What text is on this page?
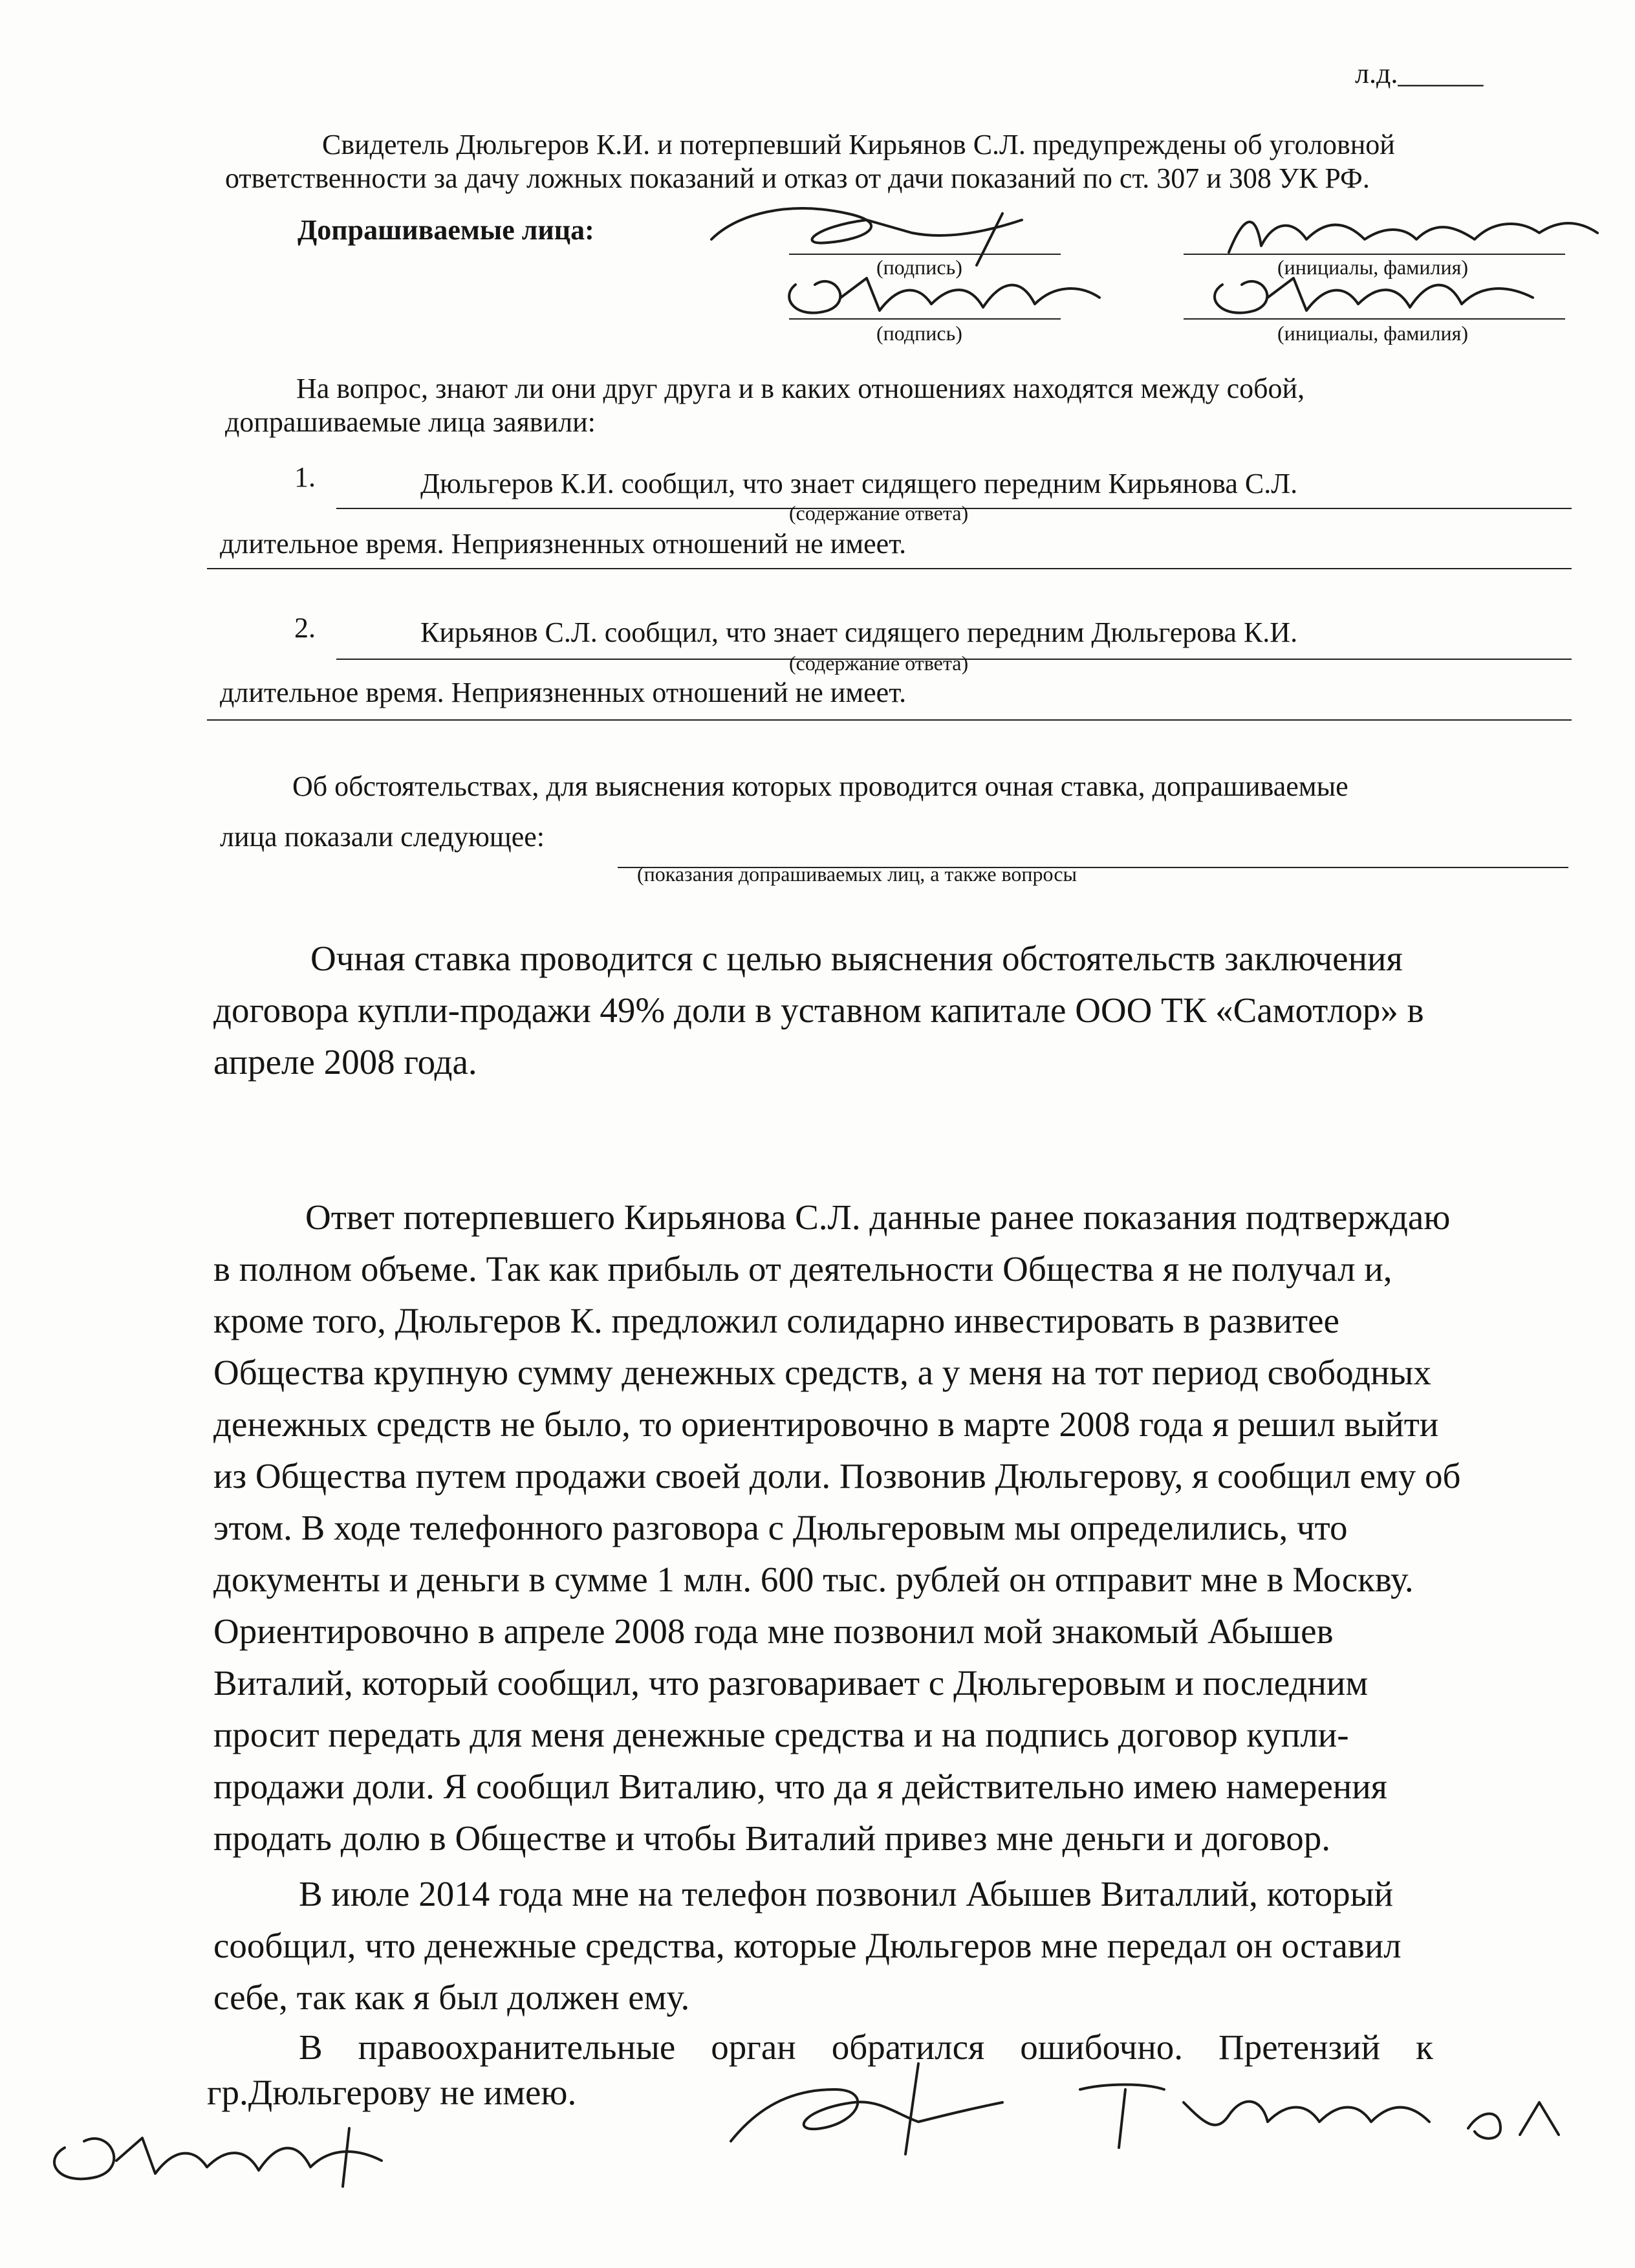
л.д.______
Свидетель Дюльгеров К.И. и потерпевший Кирьянов С.Л. предупреждены об уголовной
ответственности за дачу ложных показаний и отказ от дачи показаний по ст. 307 и 308 УК РФ.
Допрашиваемые лица:
(подпись)	(инициалы, фамилия)
(подпись)	(инициалы, фамилия)
На вопрос, знают ли они друг друга и в каких отношениях находятся между собой,
допрашиваемые лица заявили:
1.	Дюльгеров К.И. сообщил, что знает сидящего передним Кирьянова С.Л.
(содержание ответа)
длительное время. Неприязненных отношений не имеет.
2.	Кирьянов С.Л. сообщил, что знает сидящего передним Дюльгерова К.И.
(содержание ответа)
длительное время. Неприязненных отношений не имеет.
Об обстоятельствах, для выяснения которых проводится очная ставка, допрашиваемые
лица показали следующее:
(показания допрашиваемых лиц, а также вопросы

Очная ставка проводится с целью выяснения обстоятельств заключения

договора купли-продажи 49% доли в уставном капитале ООО ТК «Самотлор» в

апреле 2008 года.

Ответ потерпевшего Кирьянова С.Л. данные ранее показания подтверждаю

в полном объеме. Так как прибыль от деятельности Общества я не получал и,

кроме того, Дюльгеров К. предложил солидарно инвестировать в развитее

Общества крупную сумму денежных средств, а у меня на тот период свободных

денежных средств не было, то ориентировочно в марте 2008 года я решил выйти

из Общества путем продажи своей доли. Позвонив Дюльгерову, я сообщил ему об

этом. В ходе телефонного разговора с Дюльгеровым мы определились, что

документы и деньги в сумме 1 млн. 600 тыс. рублей он отправит мне в Москву.

Ориентировочно в апреле 2008 года мне позвонил мой знакомый Абышев

Виталий, который сообщил, что разговаривает с Дюльгеровым и последним

просит передать для меня денежные средства и на подпись договор купли-

продажи доли. Я сообщил Виталию, что да я действительно имею намерения

продать долю в Обществе и чтобы Виталий привез мне деньги и договор.

В июле 2014 года мне на телефон позвонил Абышев Виталлий, который

сообщил, что денежные средства, которые Дюльгеров мне передал он оставил

себе, так как я был должен ему.

В    правоохранительные    орган    обратился    ошибочно.    Претензий    к
гр.Дюльгерову не имею.
